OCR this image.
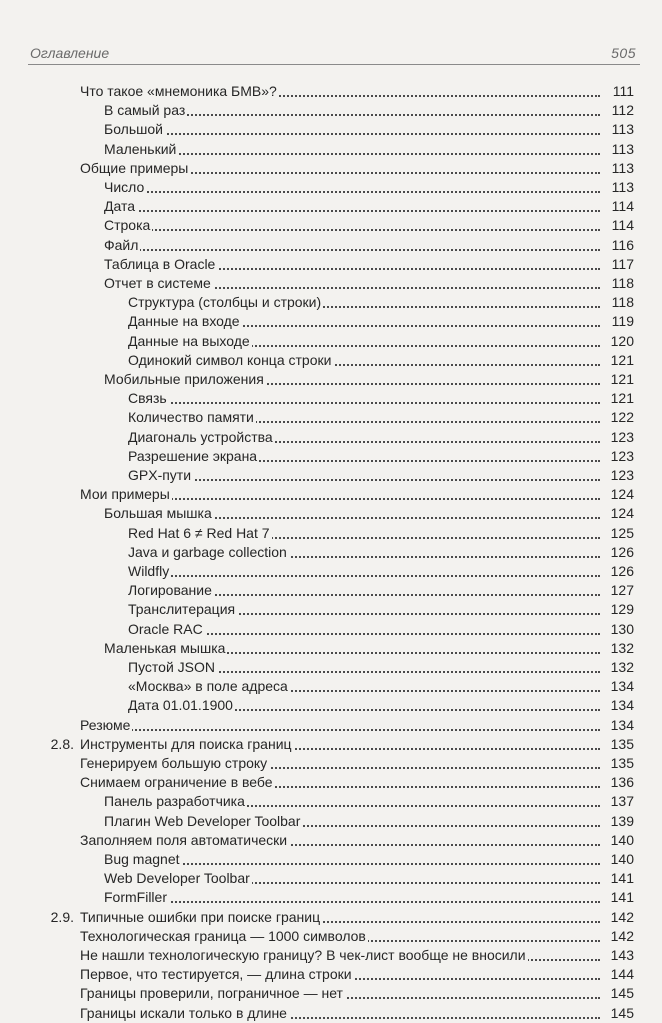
Оглавление	505
Что такое «мнемоника БМВ»?	111
В самый раз	112
Большой	113
Маленький	113
Общие примеры	113
Число	113
Дата	114
Строка	114
Файл	116
Таблица в Oracle	117
Отчет в системе	118
Структура (столбцы и строки)	118
Данные на входе	119
Данные на выходе	120
Одинокий символ конца строки	121
Мобильные приложения	121
Связь	121
Количество памяти	122
Диагональ устройства	123
Разрешение экрана	123
GPX-пути	123
Мои примеры	124
Большая мышка	124
Red Hat 6 ≠ Red Hat 7	125
Java и garbage collection	126
Wildfly	126
Логирование	127
Транслитерация	129
Oracle RAC	130
Маленькая мышка	132
Пустой JSON	132
«Москва» в поле адреса	134
Дата 01.01.1900	134
Резюме	134
2.8. Инструменты для поиска границ	135
Генерируем большую строку	135
Снимаем ограничение в вебе	136
Панель разработчика	137
Плагин Web Developer Toolbar	139
Заполняем поля автоматически	140
Bug magnet	140
Web Developer Toolbar	141
FormFiller	141
2.9. Типичные ошибки при поиске границ	142
Технологическая граница — 1000 символов	142
Не нашли технологическую границу? В чек-лист вообще не вносили	143
Первое, что тестируется, — длина строки	144
Границы проверили, пограничное — нет	145
Границы искали только в длине	145
